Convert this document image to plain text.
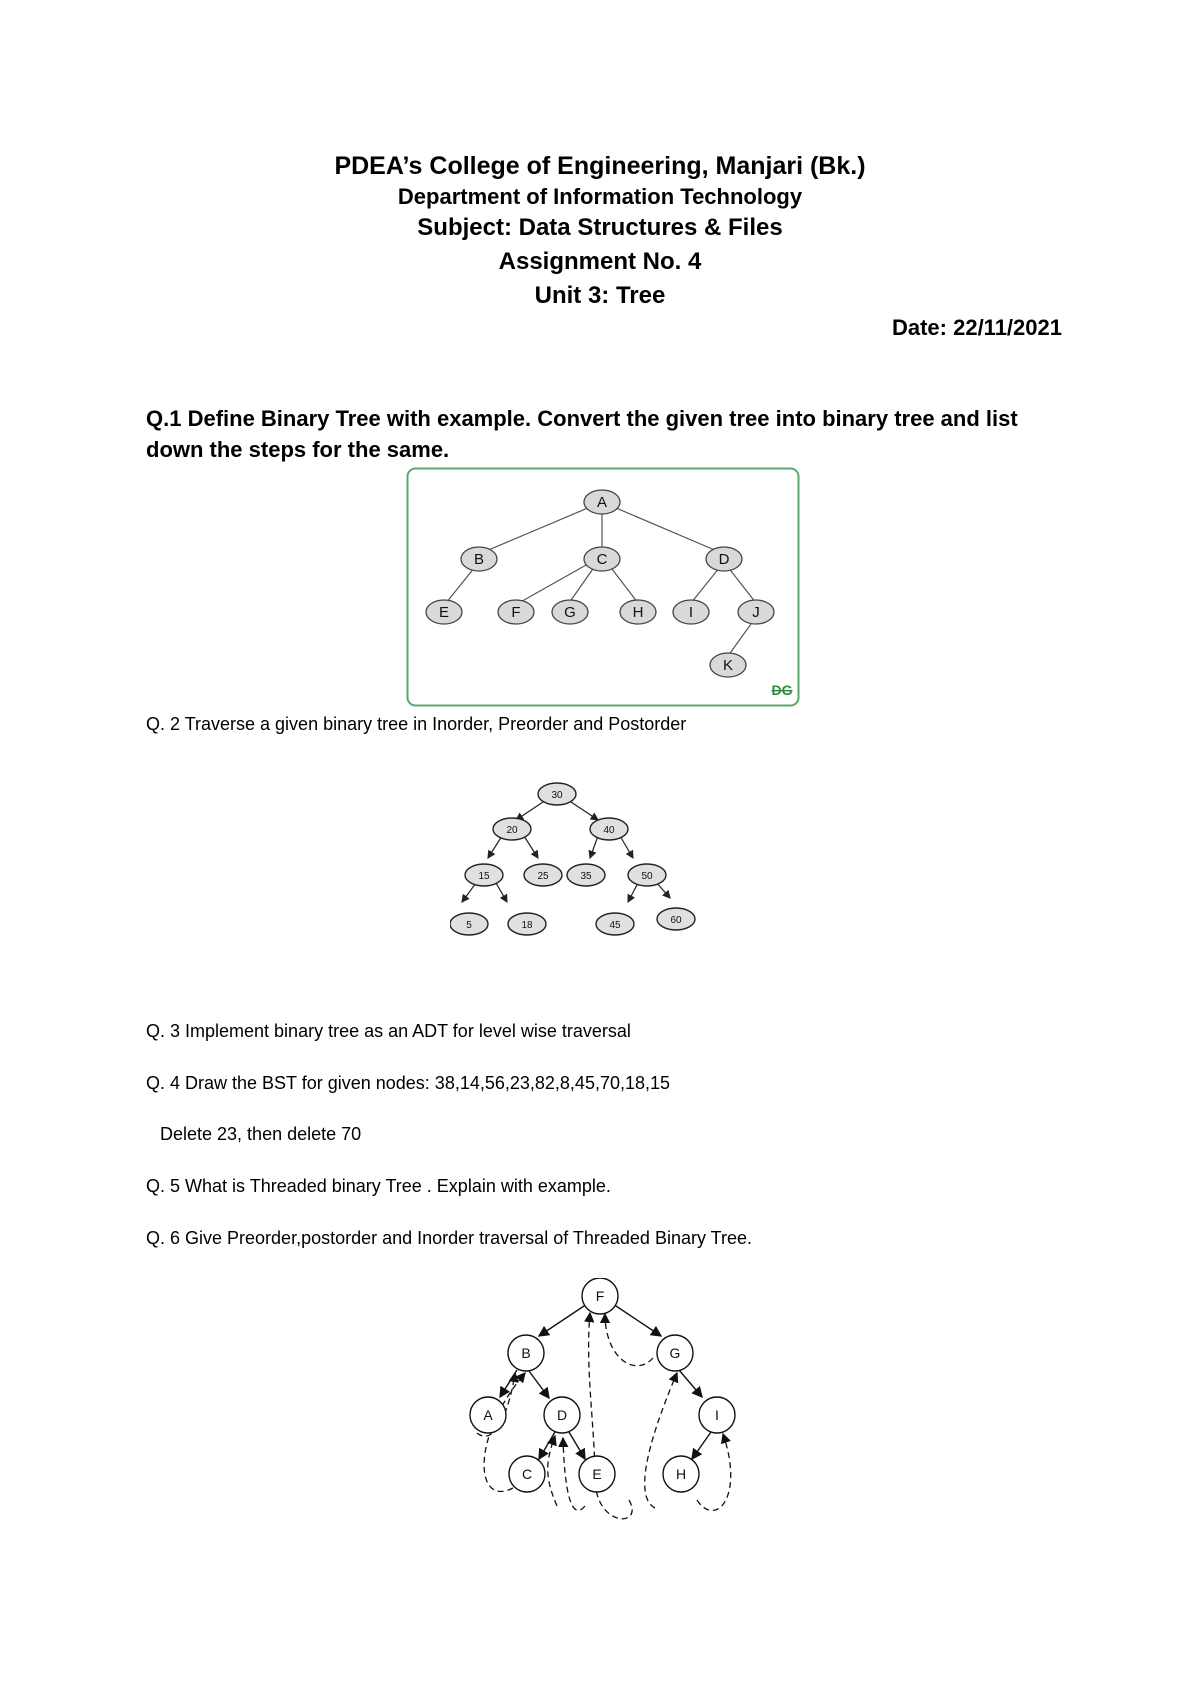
PDEA’s College of Engineering, Manjari (Bk.)
Department of Information Technology
Subject: Data Structures & Files
Assignment No. 4
Unit 3: Tree
Date: 22/11/2021
Q.1 Define Binary Tree with example. Convert the given tree into binary tree and list down the steps for the same.
A
B	C	D
E	F	G	H	I	J
K
DG
Q. 2 Traverse a given binary tree in Inorder, Preorder and Postorder
30
20	40
15	25	35	50
5	18	45	60
Q. 3 Implement binary tree as an ADT for level wise traversal
Q. 4 Draw the BST for given nodes: 38,14,56,23,82,8,45,70,18,15
Delete 23, then delete 70
Q. 5 What is Threaded binary Tree . Explain with example.
Q. 6 Give Preorder,postorder and Inorder traversal of Threaded Binary Tree.
F
B	G
A	D	I
C	E	H
